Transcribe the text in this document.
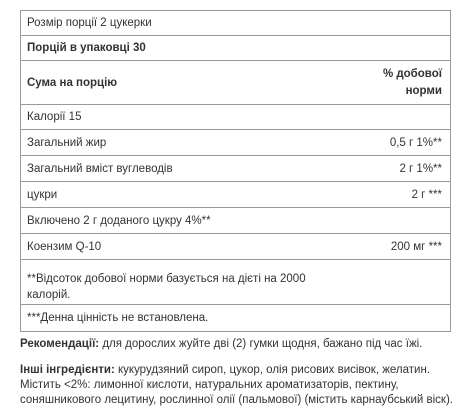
Розмір порції 2 цукерки
Порцій в упаковці 30
Сума на порцію
% добової
норми
Калорії 15
Загальний жир	0,5 г 1%**
Загальний вміст вуглеводів	2 г 1%**
цукри	2 г ***
Включено 2 г доданого цукру 4%**
Коензим Q-10	200 мг ***
**Відсоток добової норми базується на дієті на 2000
калорій.
***Денна цінність не встановлена.
Рекомендації: для дорослих жуйте дві (2) гумки щодня, бажано під час їжі.
Інші інгредієнти: кукурудзяний сироп, цукор, олія рисових висівок, желатин.
Містить <2%: лимонної кислоти, натуральних ароматизаторів, пектину,
соняшникового лецитину, рослинної олії (пальмової) (містить карнаубський віск).
